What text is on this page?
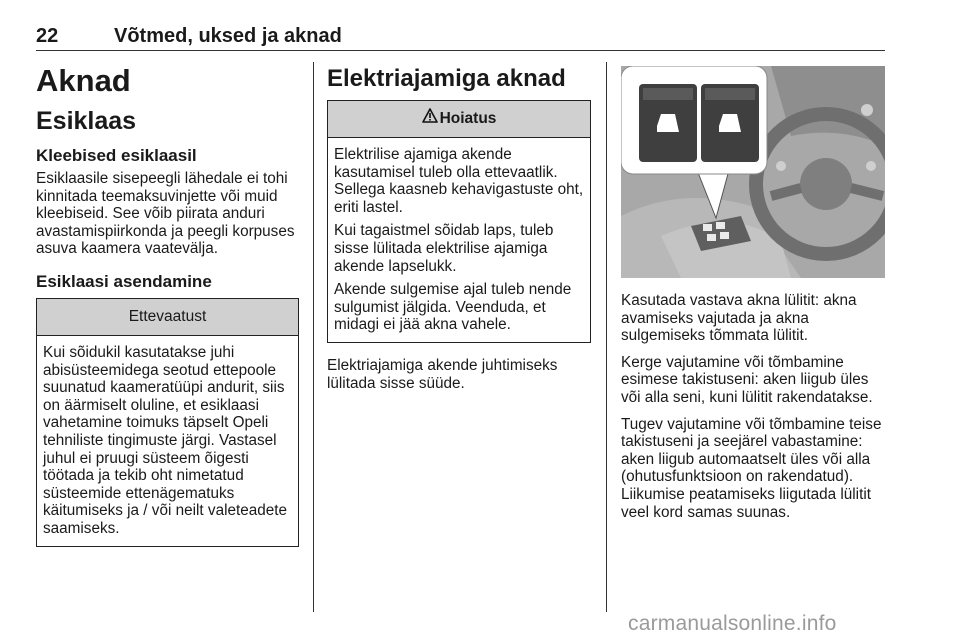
22	Võtmed, uksed ja aknad
Aknad
Esiklaas
Kleebised esiklaasil

Esiklaasile sisepeegli lähedale ei tohi kinnitada teemaksuvinjette või muid kleebiseid. See võib piirata anduri avastamispiirkonda ja peegli korpuses asuva kaamera vaatevälja.

Esiklaasi asendamine
Ettevaatust

Kui sõidukil kasutatakse juhi abisüsteemidega seotud ettepoole suunatud kaameratüüpi andurit, siis on äärmiselt oluline, et esiklaasi vahetamine toimuks täpselt Opeli tehniliste tingimuste järgi. Vastasel juhul ei pruugi süsteem õigesti töötada ja tekib oht nimetatud süsteemide ettenägematuks käitumiseks ja / või neilt valeteadete saamiseks.

Elektriajamiga aknad
Hoiatus

Elektrilise ajamiga akende kasutamisel tuleb olla ettevaatlik. Sellega kaasneb kehavigastuste oht, eriti lastel.

Kui tagaistmel sõidab laps, tuleb sisse lülitada elektrilise ajamiga akende lapselukk.

Akende sulgemise ajal tuleb nende sulgumist jälgida. Veenduda, et midagi ei jää akna vahele.

Elektriajamiga akende juhtimiseks lülitada sisse süüde.

Kasutada vastava akna lülitit: akna avamiseks vajutada ja akna sulgemiseks tõmmata lülitit.

Kerge vajutamine või tõmbamine esimese takistuseni: aken liigub üles või alla seni, kuni lülitit rakendatakse.

Tugev vajutamine või tõmbamine teise takistuseni ja seejärel vabastamine: aken liigub automaatselt üles või alla (ohutusfunktsioon on rakendatud). Liikumise peatamiseks liigutada lülitit veel kord samas suunas.

carmanualsonline.info
